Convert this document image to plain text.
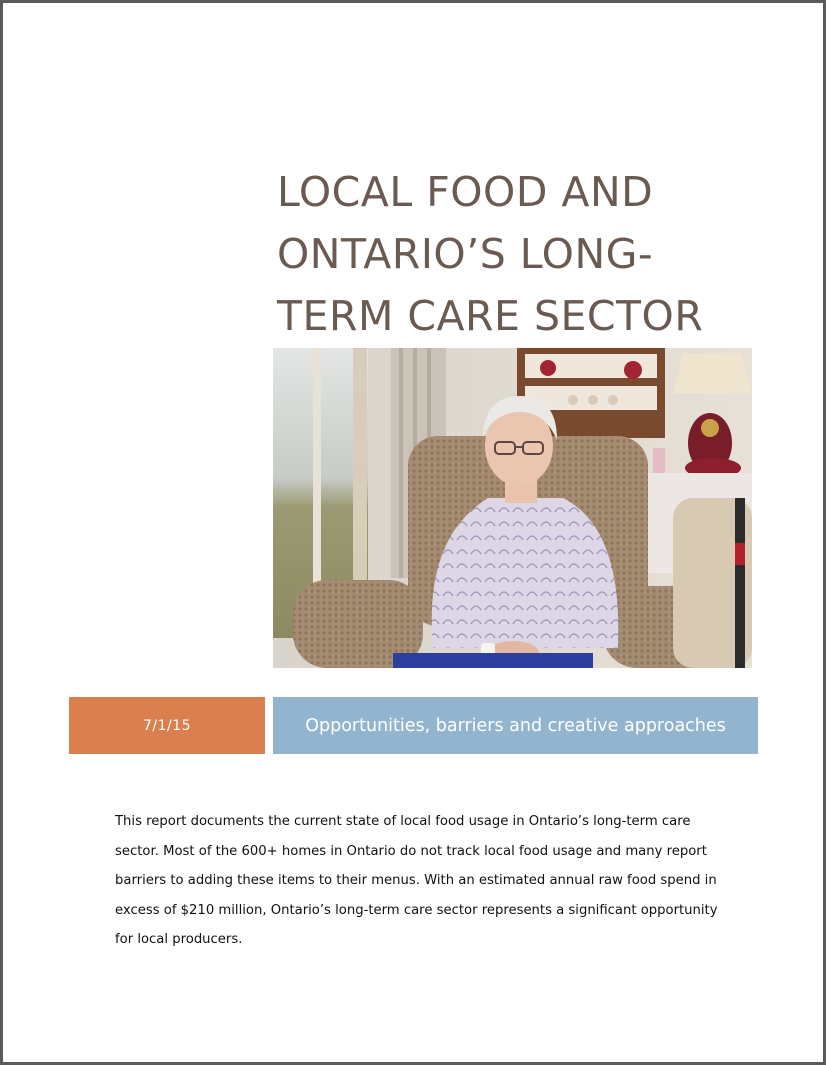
LOCAL FOOD AND
ONTARIO’S LONG-
TERM CARE SECTOR
7/1/15	Opportunities, barriers and creative approaches

This report documents the current state of local food usage in Ontario’s long-term care sector. Most of the 600+ homes in Ontario do not track local food usage and many report barriers to adding these items to their menus. With an estimated annual raw food spend in excess of $210 million, Ontario’s long-term care sector represents a significant opportunity for local producers.
